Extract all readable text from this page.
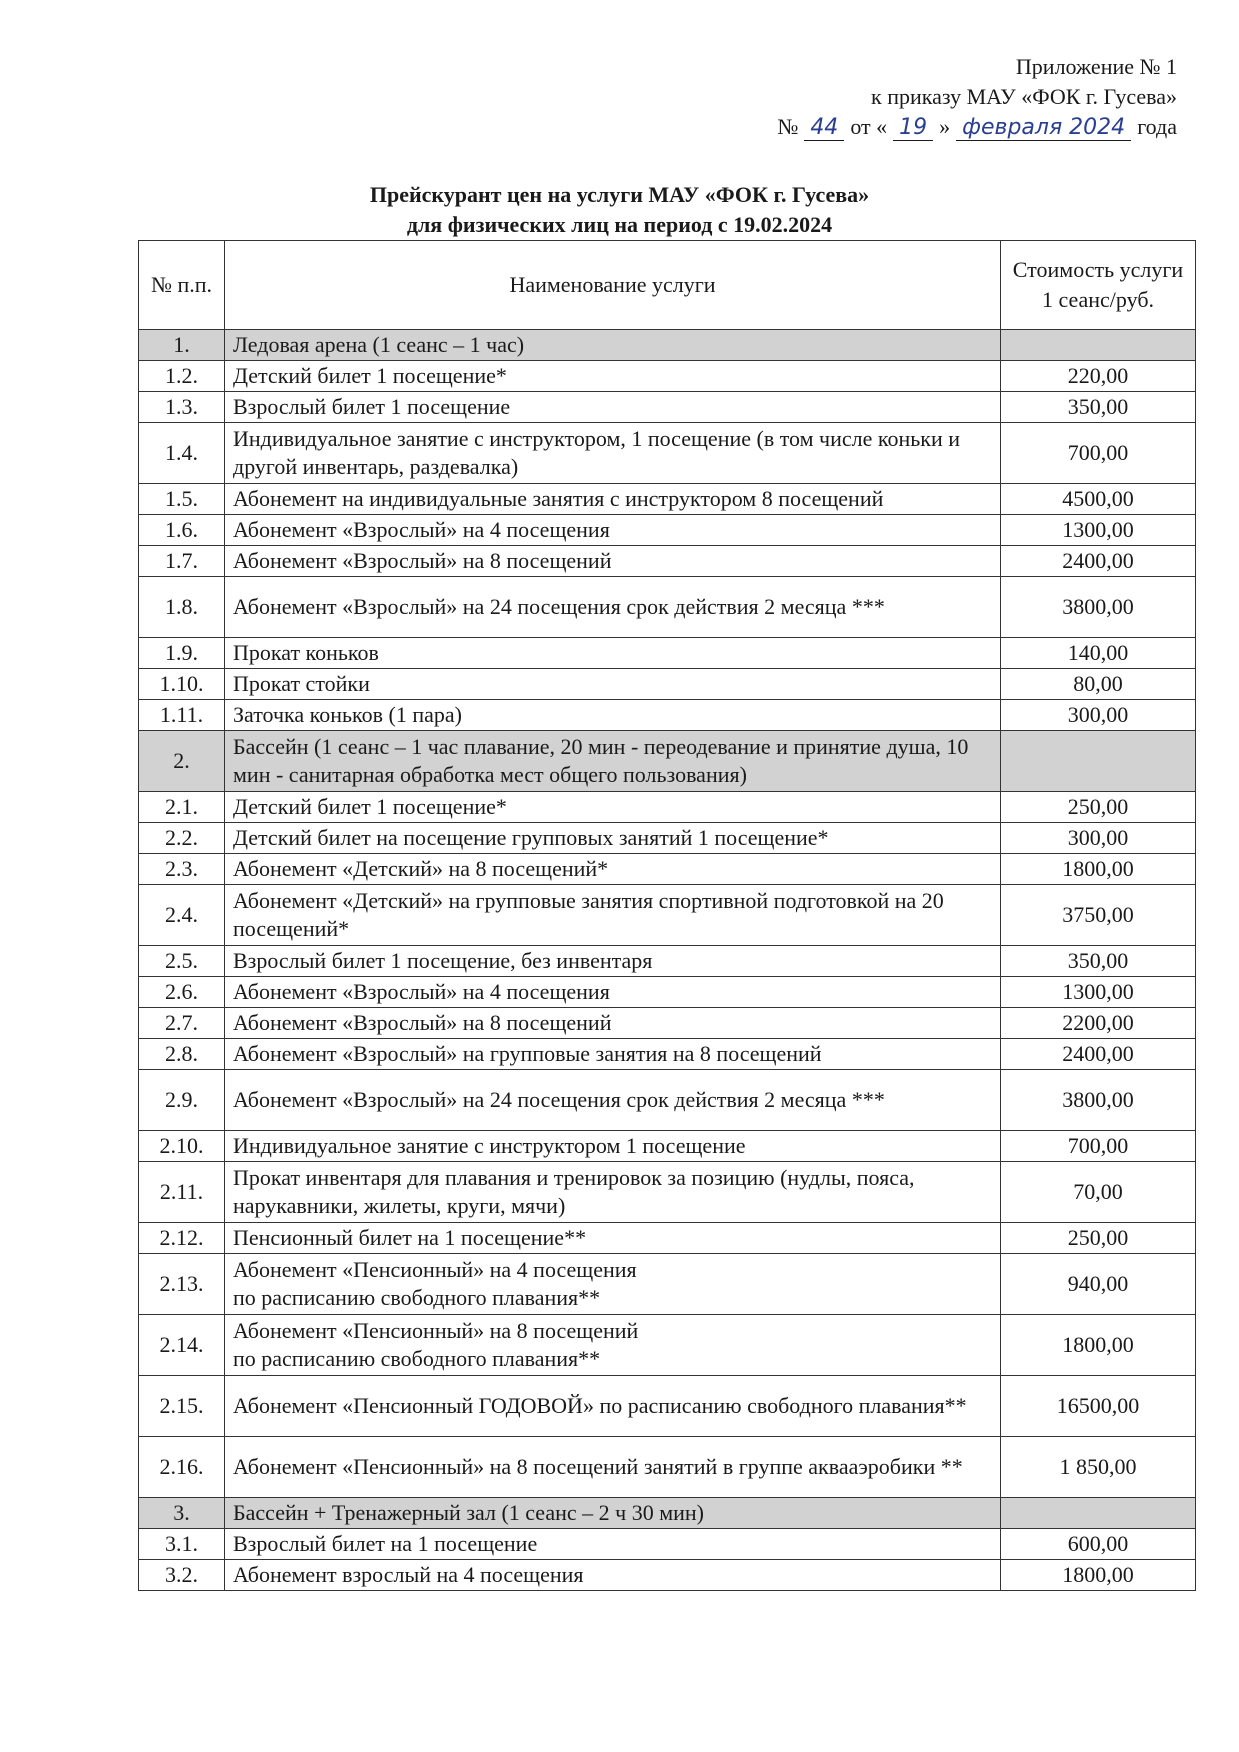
Приложение № 1
к приказу МАУ «ФОК г. Гусева»
№ 44 от « 19 » февраля 2024 года
Прейскурант цен на услуги МАУ «ФОК г. Гусева»
для физических лиц на период с 19.02.2024
№ п.п.	Наименование услуги	Стоимость услуги 1 сеанс/руб.
1.	Ледовая арена (1 сеанс – 1 час)	
1.2.	Детский билет 1 посещение*	220,00
1.3.	Взрослый билет 1 посещение	350,00
1.4.	Индивидуальное занятие с инструктором, 1 посещение (в том числе коньки и другой инвентарь, раздевалка)	700,00
1.5.	Абонемент на индивидуальные занятия с инструктором 8 посещений	4500,00
1.6.	Абонемент «Взрослый» на 4 посещения	1300,00
1.7.	Абонемент «Взрослый» на 8 посещений	2400,00
1.8.	Абонемент «Взрослый» на 24 посещения срок действия 2 месяца ***	3800,00
1.9.	Прокат коньков	140,00
1.10.	Прокат стойки	80,00
1.11.	Заточка коньков (1 пара)	300,00
2.	Бассейн (1 сеанс – 1 час плавание, 20 мин - переодевание и принятие душа, 10 мин - санитарная обработка мест общего пользования)	
2.1.	Детский билет 1 посещение*	250,00
2.2.	Детский билет на посещение групповых занятий 1 посещение*	300,00
2.3.	Абонемент «Детский» на 8 посещений*	1800,00
2.4.	Абонемент «Детский» на групповые занятия спортивной подготовкой на 20 посещений*	3750,00
2.5.	Взрослый билет 1 посещение, без инвентаря	350,00
2.6.	Абонемент «Взрослый» на 4 посещения	1300,00
2.7.	Абонемент «Взрослый» на 8 посещений	2200,00
2.8.	Абонемент «Взрослый» на групповые занятия на 8 посещений	2400,00
2.9.	Абонемент «Взрослый» на 24 посещения срок действия 2 месяца ***	3800,00
2.10.	Индивидуальное занятие с инструктором 1 посещение	700,00
2.11.	Прокат инвентаря для плавания и тренировок за позицию (нудлы, пояса, нарукавники, жилеты, круги, мячи)	70,00
2.12.	Пенсионный билет на 1 посещение**	250,00
2.13.	Абонемент «Пенсионный» на 4 посещения
по расписанию свободного плавания**	940,00
2.14.	Абонемент «Пенсионный» на 8 посещений
по расписанию свободного плавания**	1800,00
2.15.	Абонемент «Пенсионный ГОДОВОЙ» по расписанию свободного плавания**	16500,00
2.16.	Абонемент «Пенсионный» на 8 посещений занятий в группе аквааэробики **	1 850,00
3.	Бассейн + Тренажерный зал (1 сеанс – 2 ч 30 мин)	
3.1.	Взрослый билет на 1 посещение	600,00
3.2.	Абонемент взрослый на 4 посещения	1800,00
